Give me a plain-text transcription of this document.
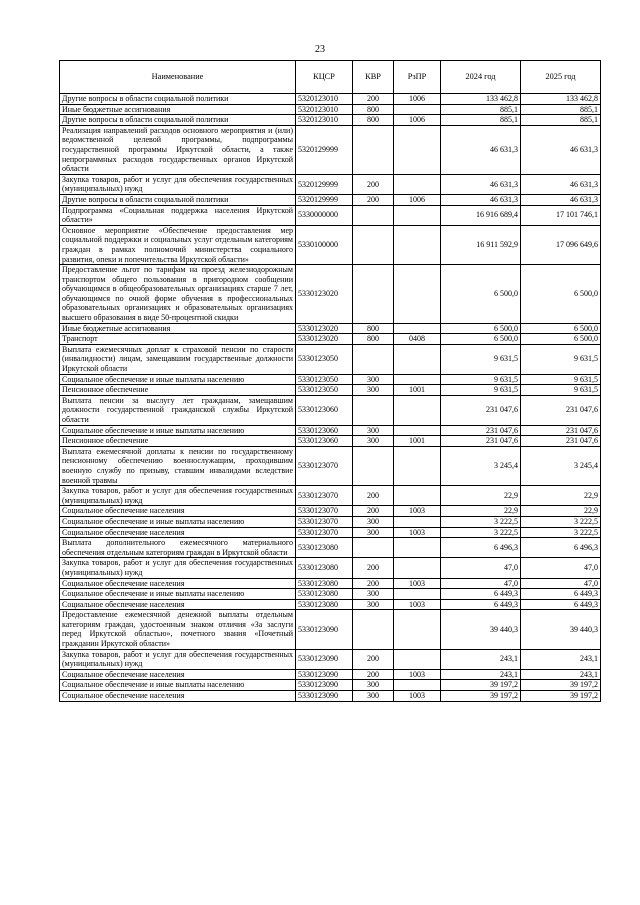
23
Наименование	КЦСР	КВР	РзПР	2024 год	2025 год
Другие вопросы в области социальной политики	5320123010	200	1006	133 462,8	133 462,8
Иные бюджетные ассигнования	5320123010	800		885,1	885,1
Другие вопросы в области социальной политики	5320123010	800	1006	885,1	885,1
Реализация направлений расходов основного мероприятия и (или) ведомственной целевой программы, подпрограммы государственной программы Иркутской области, а также непрограммных расходов государственных органов Иркутской области	5320129999			46 631,3	46 631,3
Закупка товаров, работ и услуг для обеспечения государственных (муниципальных) нужд	5320129999	200		46 631,3	46 631,3
Другие вопросы в области социальной политики	5320129999	200	1006	46 631,3	46 631,3
Подпрограмма «Социальная поддержка населения Иркутской области»	5330000000			16 916 689,4	17 101 746,1
Основное мероприятие «Обеспечение предоставления мер социальной поддержки и социальных услуг отдельным категориям граждан в рамках полномочий министерства социального развития, опеки и попечительства Иркутской области»	5330100000			16 911 592,9	17 096 649,6
Предоставление льгот по тарифам на проезд железнодорожным транспортом общего пользования в пригородном сообщении обучающимся в общеобразовательных организациях старше 7 лет, обучающимся по очной форме обучения в профессиональных образовательных организациях и образовательных организациях высшего образования в виде 50-процентной скидки	5330123020			6 500,0	6 500,0
Иные бюджетные ассигнования	5330123020	800		6 500,0	6 500,0
Транспорт	5330123020	800	0408	6 500,0	6 500,0
Выплата ежемесячных доплат к страховой пенсии по старости (инвалидности) лицам, замещавшим государственные должности Иркутской области	5330123050			9 631,5	9 631,5
Социальное обеспечение и иные выплаты населению	5330123050	300		9 631,5	9 631,5
Пенсионное обеспечение	5330123050	300	1001	9 631,5	9 631,5
Выплата пенсии за выслугу лет гражданам, замещавшим должности государственной гражданской службы Иркутской области	5330123060			231 047,6	231 047,6
Социальное обеспечение и иные выплаты населению	5330123060	300		231 047,6	231 047,6
Пенсионное обеспечение	5330123060	300	1001	231 047,6	231 047,6
Выплата ежемесячной доплаты к пенсии по государственному пенсионному обеспечению военнослужащим, проходившим военную службу по призыву, ставшим инвалидами вследствие военной травмы	5330123070			3 245,4	3 245,4
Закупка товаров, работ и услуг для обеспечения государственных (муниципальных) нужд	5330123070	200		22,9	22,9
Социальное обеспечение населения	5330123070	200	1003	22,9	22,9
Социальное обеспечение и иные выплаты населению	5330123070	300		3 222,5	3 222,5
Социальное обеспечение населения	5330123070	300	1003	3 222,5	3 222,5
Выплата дополнительного ежемесячного материального обеспечения отдельным категориям граждан в Иркутской области	5330123080			6 496,3	6 496,3
Закупка товаров, работ и услуг для обеспечения государственных (муниципальных) нужд	5330123080	200		47,0	47,0
Социальное обеспечение населения	5330123080	200	1003	47,0	47,0
Социальное обеспечение и иные выплаты населению	5330123080	300		6 449,3	6 449,3
Социальное обеспечение населения	5330123080	300	1003	6 449,3	6 449,3
Предоставление ежемесячной денежной выплаты отдельным категориям граждан, удостоенным знаком отличия «За заслуги перед Иркутской областью», почетного звания «Почетный гражданин Иркутской области»	5330123090			39 440,3	39 440,3
Закупка товаров, работ и услуг для обеспечения государственных (муниципальных) нужд	5330123090	200		243,1	243,1
Социальное обеспечение населения	5330123090	200	1003	243,1	243,1
Социальное обеспечение и иные выплаты населению	5330123090	300		39 197,2	39 197,2
Социальное обеспечение населения	5330123090	300	1003	39 197,2	39 197,2
